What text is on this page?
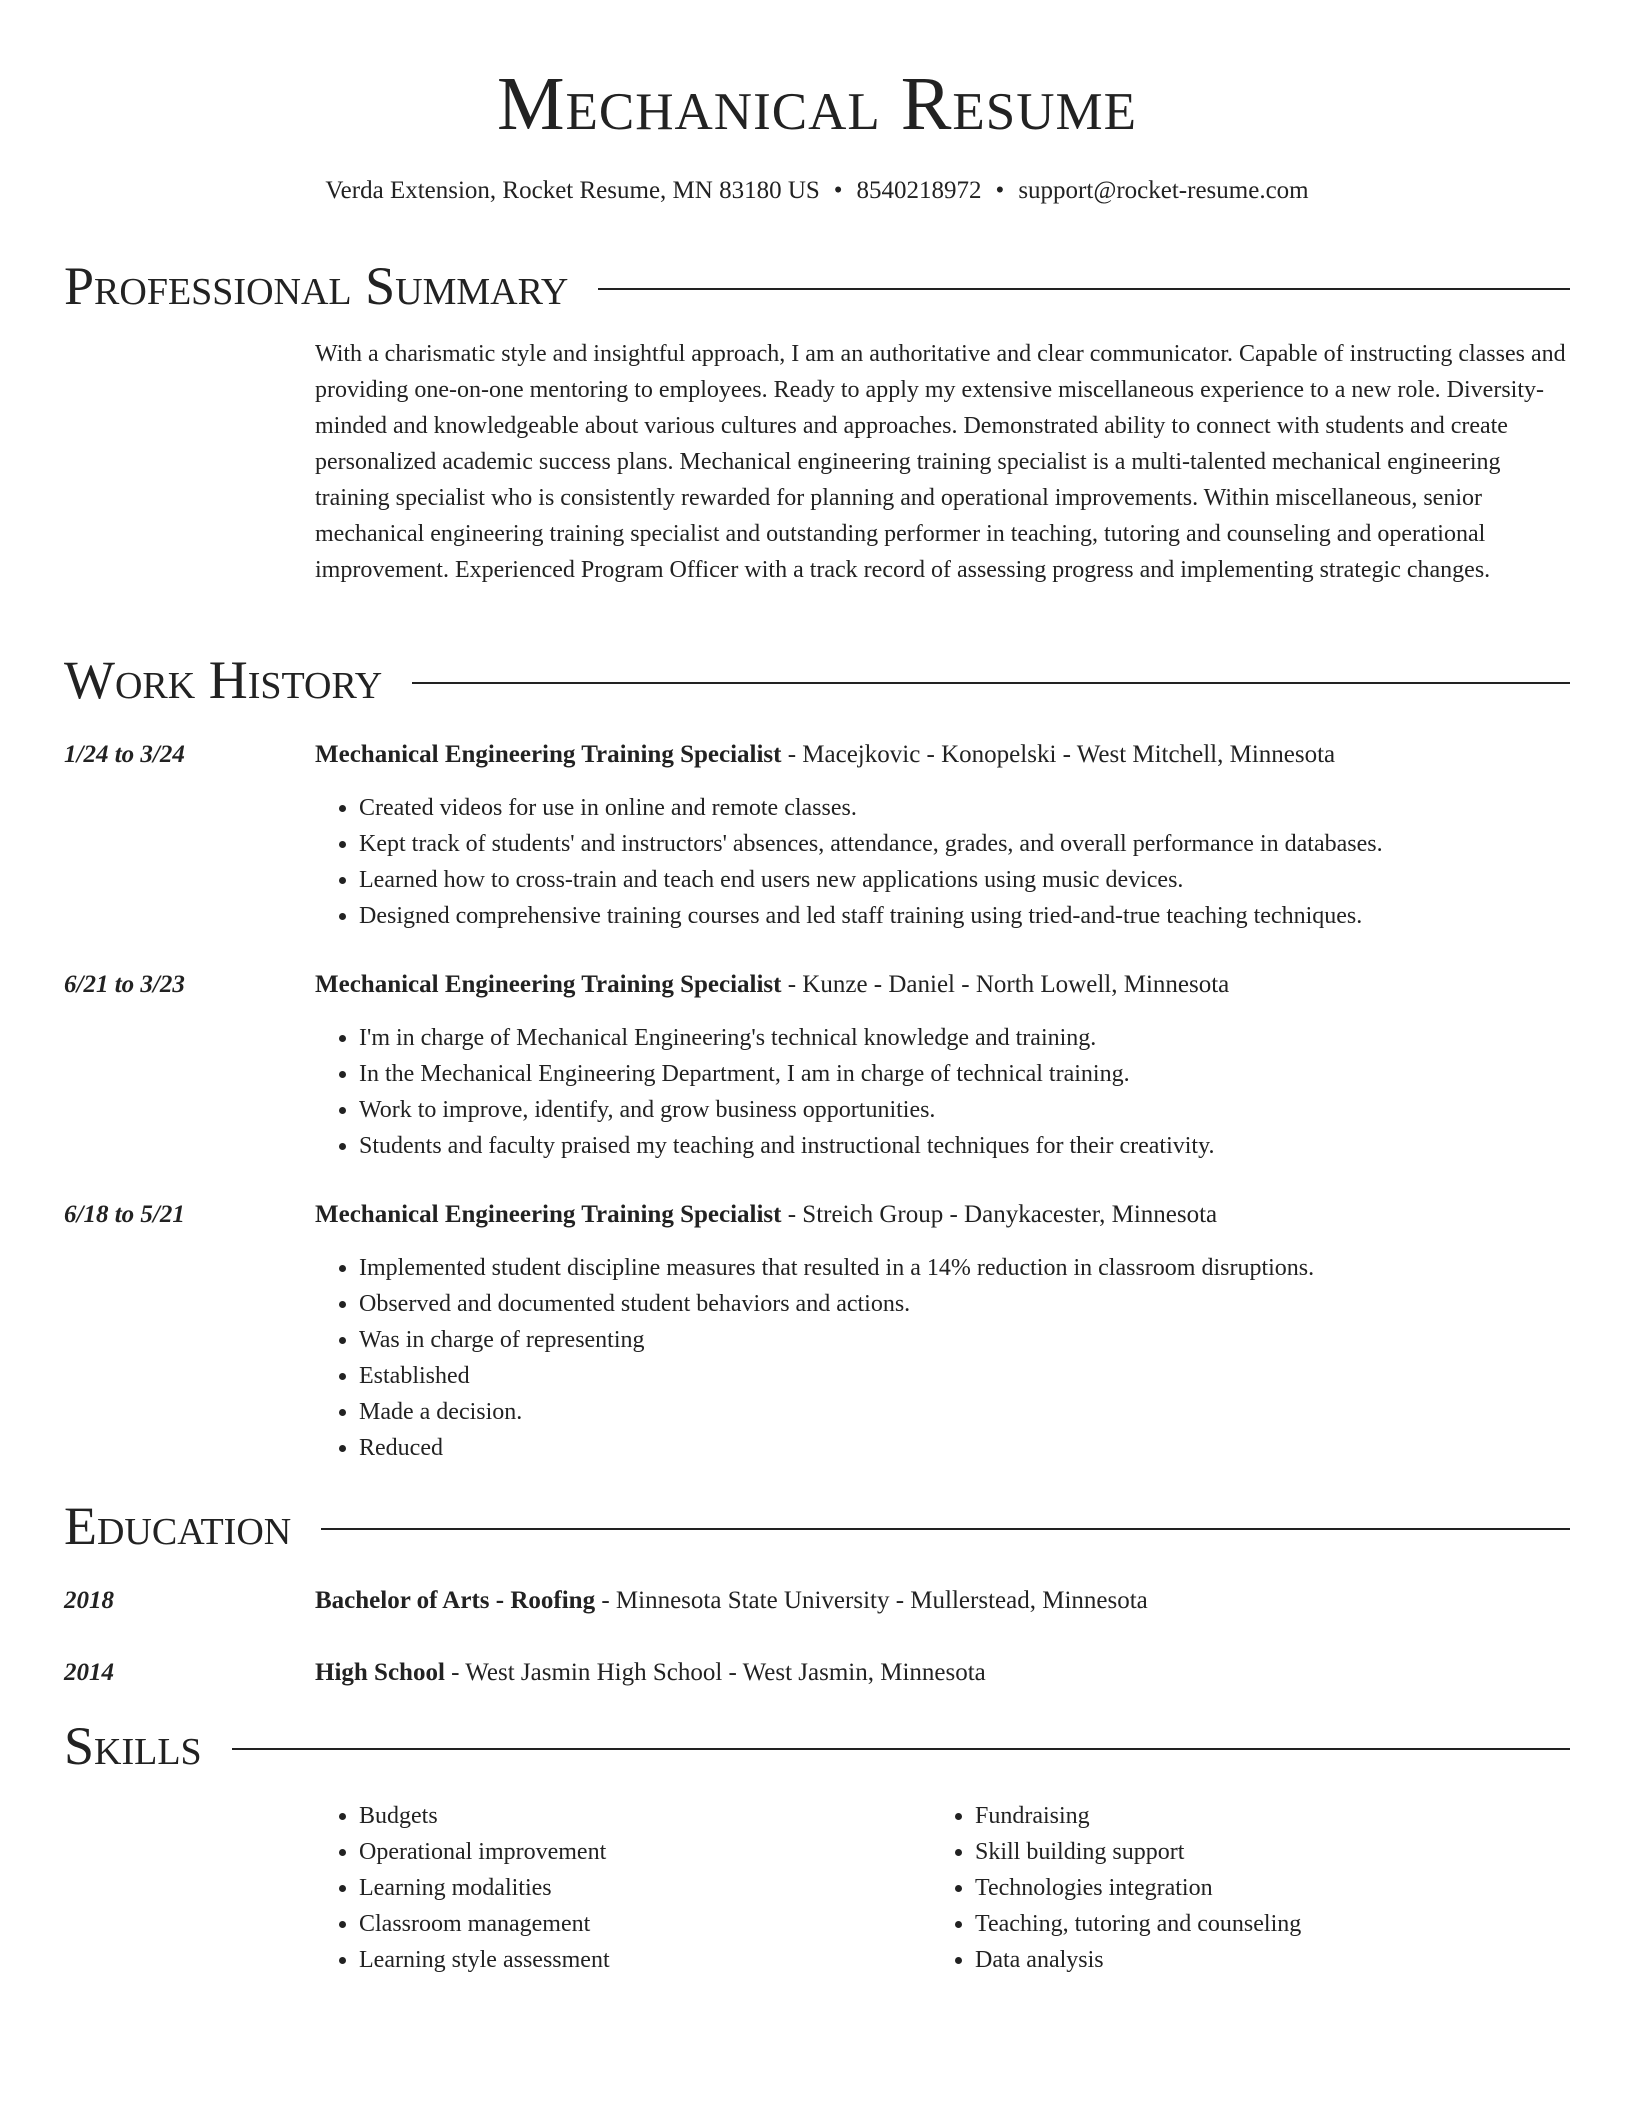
Mechanical Resume
Verda Extension, Rocket Resume, MN 83180 US • 8540218972 • support@rocket-resume.com
Professional Summary
With a charismatic style and insightful approach, I am an authoritative and clear communicator. Capable of instructing classes and providing one-on-one mentoring to employees. Ready to apply my extensive miscellaneous experience to a new role. Diversity-minded and knowledgeable about various cultures and approaches. Demonstrated ability to connect with students and create personalized academic success plans. Mechanical engineering training specialist is a multi-talented mechanical engineering training specialist who is consistently rewarded for planning and operational improvements. Within miscellaneous, senior mechanical engineering training specialist and outstanding performer in teaching, tutoring and counseling and operational improvement. Experienced Program Officer with a track record of assessing progress and implementing strategic changes.
Work History
1/24 to 3/24	Mechanical Engineering Training Specialist - Macejkovic - Konopelski - West Mitchell, Minnesota
• Created videos for use in online and remote classes.
• Kept track of students' and instructors' absences, attendance, grades, and overall performance in databases.
• Learned how to cross-train and teach end users new applications using music devices.
• Designed comprehensive training courses and led staff training using tried-and-true teaching techniques.
6/21 to 3/23	Mechanical Engineering Training Specialist - Kunze - Daniel - North Lowell, Minnesota
• I'm in charge of Mechanical Engineering's technical knowledge and training.
• In the Mechanical Engineering Department, I am in charge of technical training.
• Work to improve, identify, and grow business opportunities.
• Students and faculty praised my teaching and instructional techniques for their creativity.
6/18 to 5/21	Mechanical Engineering Training Specialist - Streich Group - Danykacester, Minnesota
• Implemented student discipline measures that resulted in a 14% reduction in classroom disruptions.
• Observed and documented student behaviors and actions.
• Was in charge of representing
• Established
• Made a decision.
• Reduced
Education
2018	Bachelor of Arts - Roofing - Minnesota State University - Mullerstead, Minnesota
2014	High School - West Jasmin High School - West Jasmin, Minnesota
Skills
• Budgets
• Operational improvement
• Learning modalities
• Classroom management
• Learning style assessment
• Fundraising
• Skill building support
• Technologies integration
• Teaching, tutoring and counseling
• Data analysis
